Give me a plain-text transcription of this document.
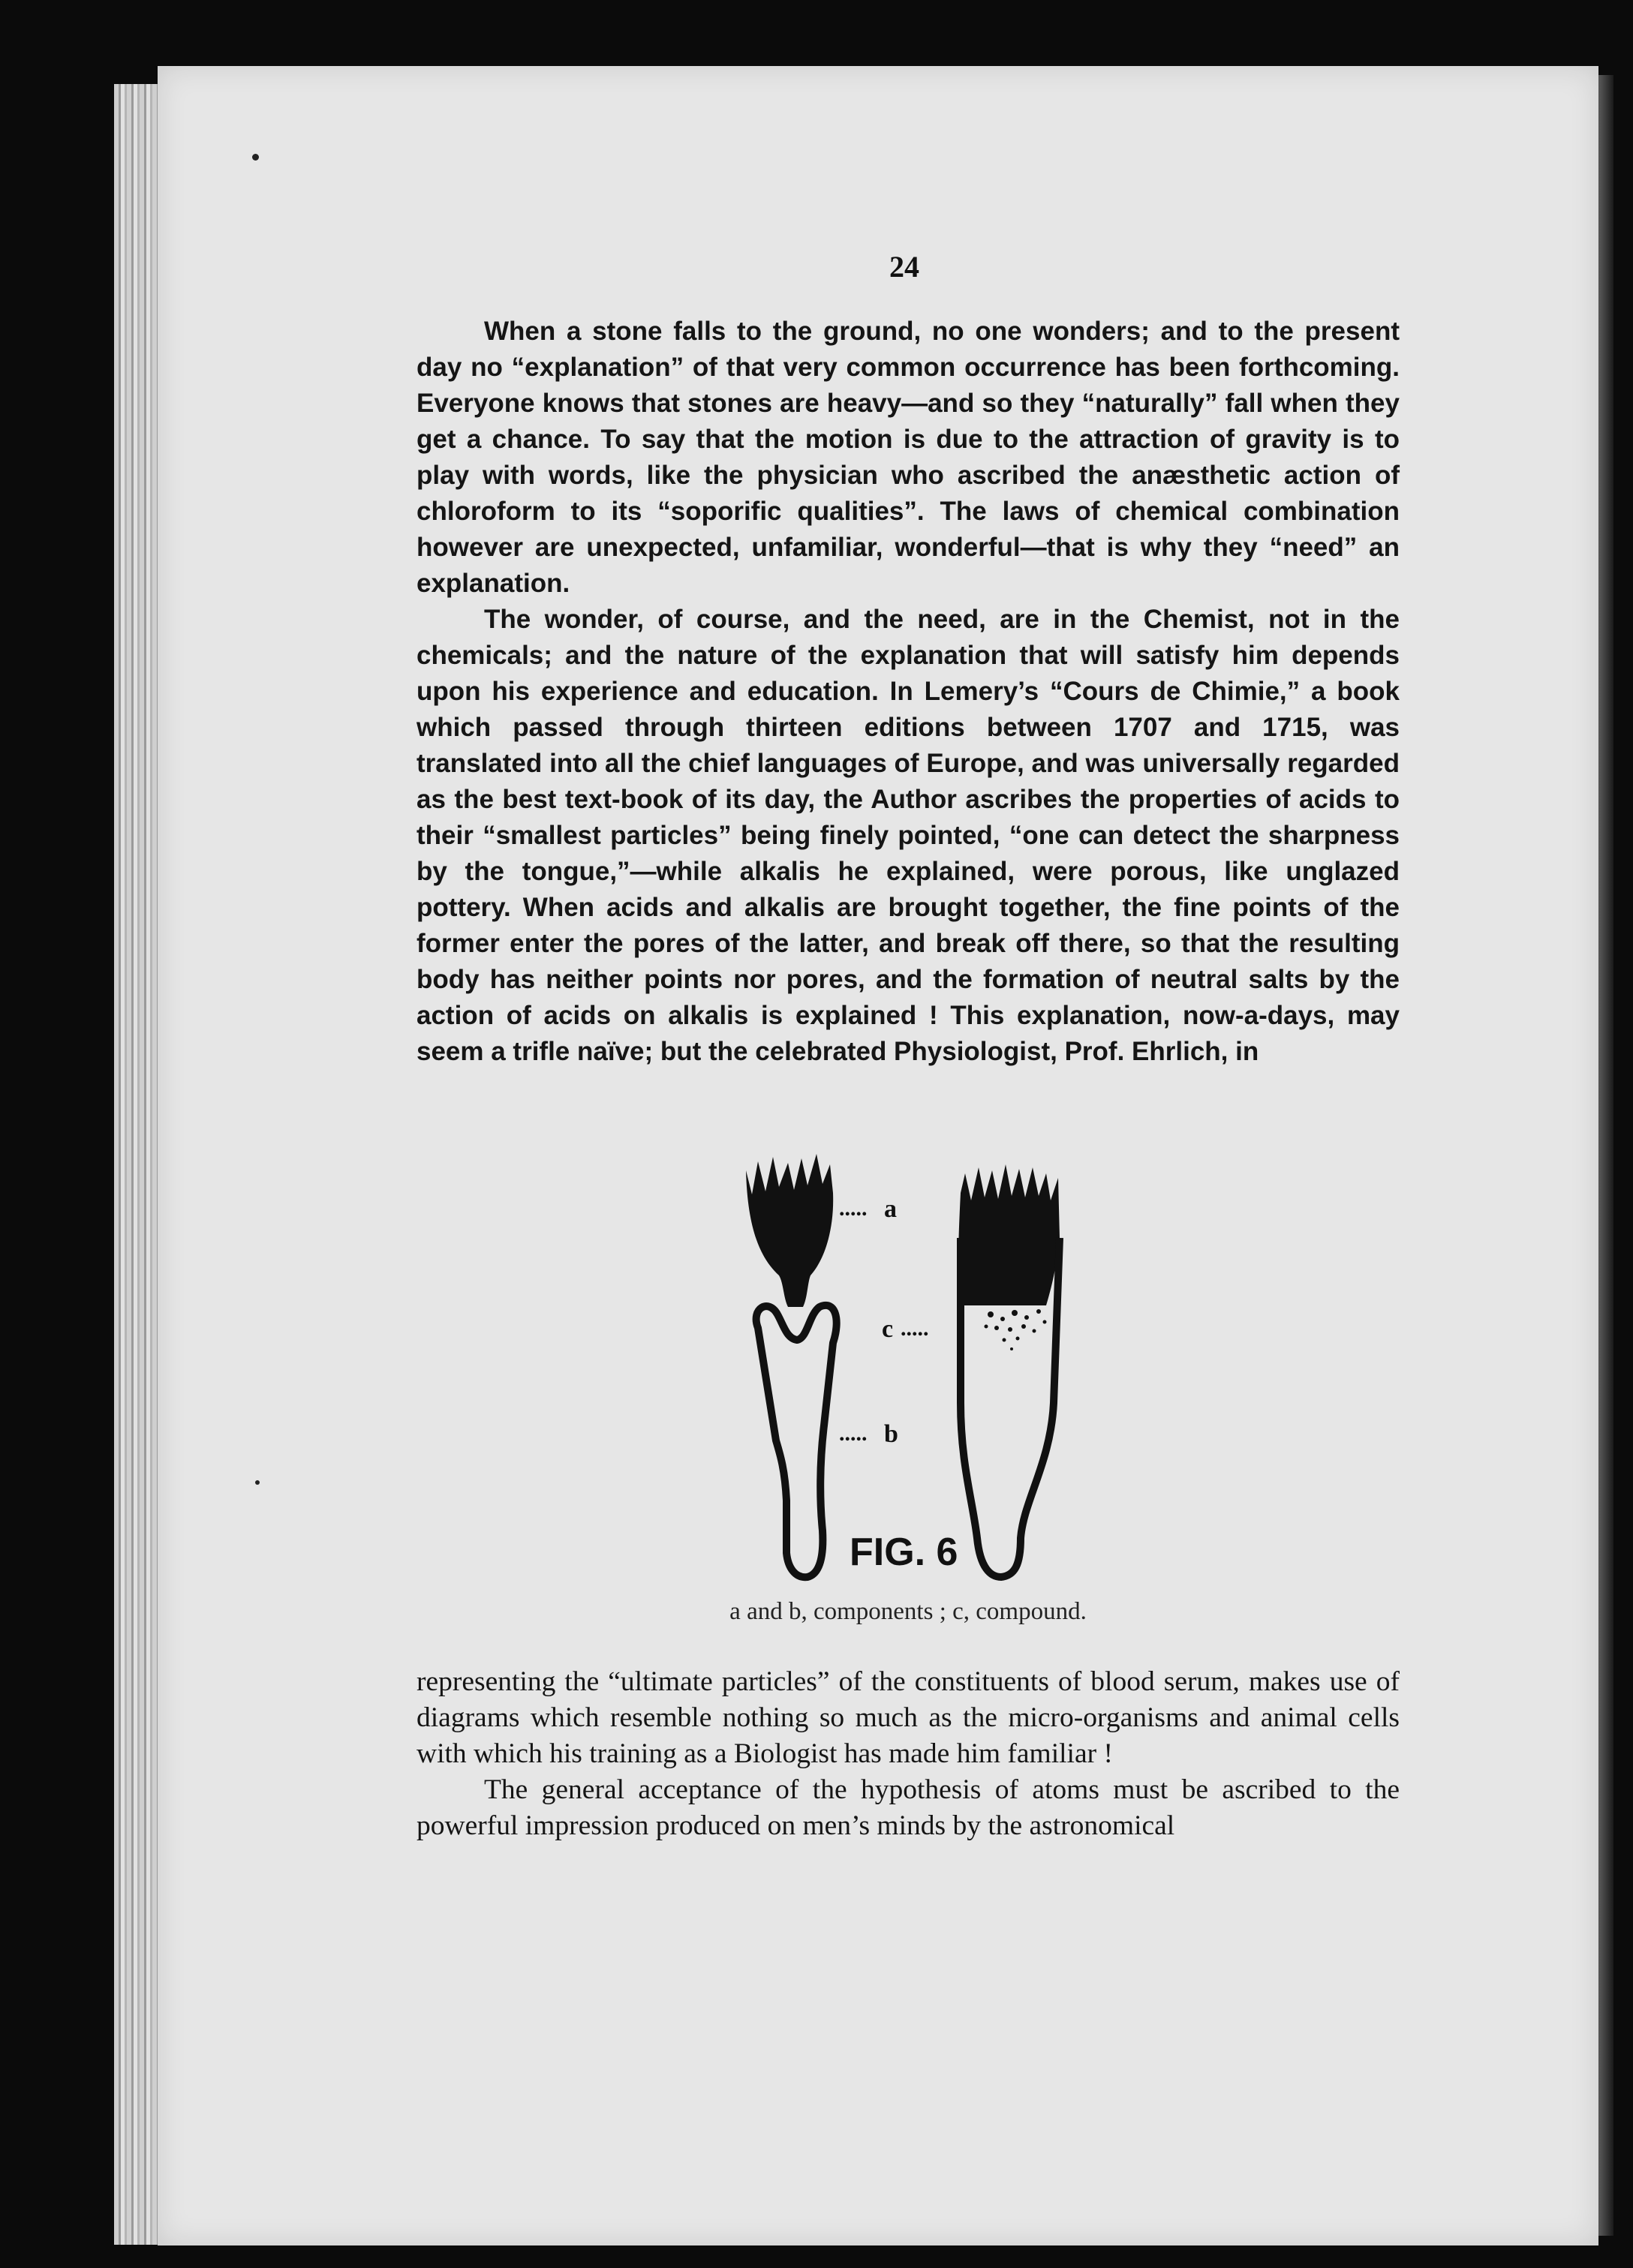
24

When a stone falls to the ground, no one wonders; and to the present day no “explanation” of that very common occurrence has been forthcoming. Everyone knows that stones are heavy—and so they “naturally” fall when they get a chance. To say that the motion is due to the attraction of gravity is to play with words, like the physician who ascribed the anæsthetic action of chloroform to its “soporific qualities”. The laws of chemical combination however are unexpected, unfamiliar, wonderful—that is why they “need” an explanation.

The wonder, of course, and the need, are in the Chemist, not in the chemicals; and the nature of the explanation that will satisfy him depends upon his experience and education. In Lemery’s “Cours de Chimie,” a book which passed through thirteen editions between 1707 and 1715, was translated into all the chief languages of Europe, and was universally regarded as the best text-book of its day, the Author ascribes the properties of acids to their “smallest particles” being finely pointed, “one can detect the sharpness by the tongue,”—while alkalis he explained, were porous, like unglazed pottery. When acids and alkalis are brought together, the fine points of the former enter the pores of the latter, and break off there, so that the resulting body has neither points nor pores, and the formation of neutral salts by the action of acids on alkalis is explained ! This explanation, now-a-days, may seem a trifle naïve; but the celebrated Physiologist, Prof. Ehrlich, in

..... a
..... b
c .....
FIG. 6
a and b, components ; c, compound.

representing the “ultimate particles” of the constituents of blood serum, makes use of diagrams which resemble nothing so much as the micro-organisms and animal cells with which his training as a Biologist has made him familiar !

The general acceptance of the hypothesis of atoms must be ascribed to the powerful impression produced on men’s minds by the astronomical
